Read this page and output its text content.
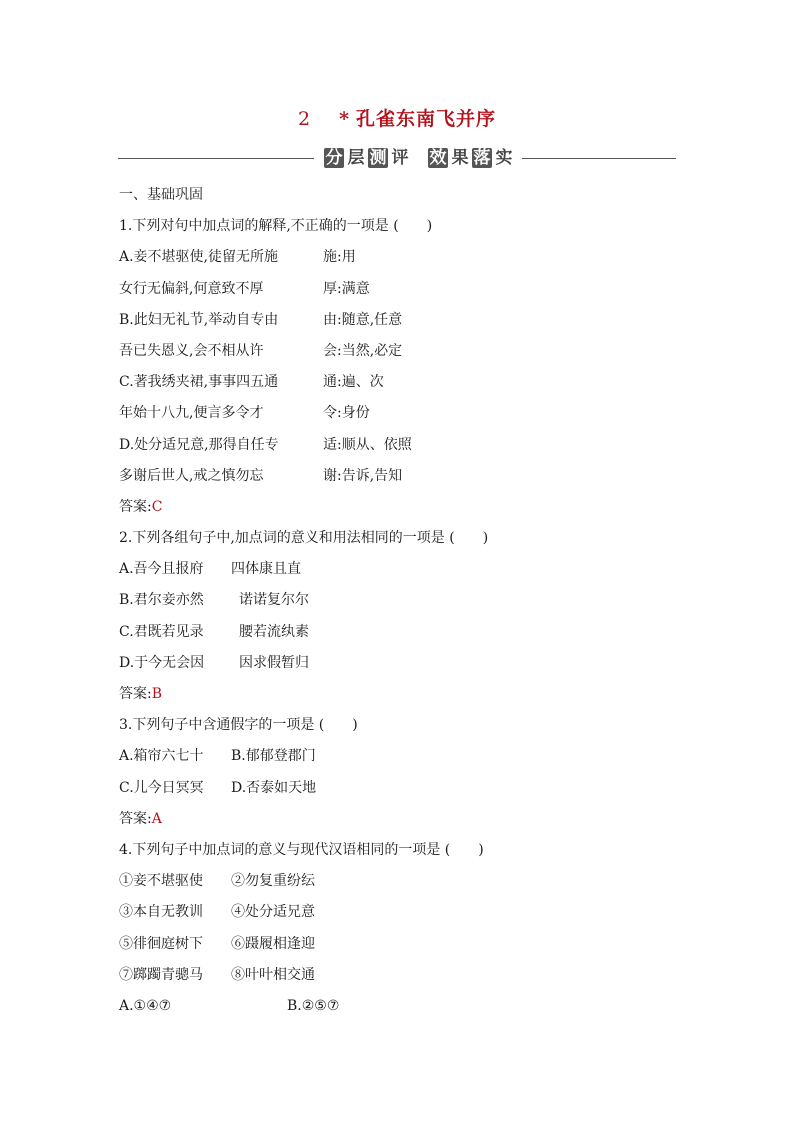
2 * 孔雀东南飞并序
分 层 测 评 效 果 落 实
一、基础巩固
1.下列对句中加点词的解释,不正确的一项是 (　　)
A.妾不堪驱使,徒留无所施	施:用
女行无偏斜,何意致不厚	厚:满意
B.此妇无礼节,举动自专由	由:随意,任意
吾已失恩义,会不相从许	会:当然,必定
C.著我绣夹裙,事事四五通	通:遍、次
年始十八九,便言多令才	令:身份
D.处分适兄意,那得自任专	适:顺从、依照
多谢后世人,戒之慎勿忘	谢:告诉,告知
答案:C
2.下列各组句子中,加点词的意义和用法相同的一项是 (　　)
A.吾今且报府 四体康且直
B.君尔妾亦然	诺诺复尔尔
C.君既若见录	腰若流纨素
D.于今无会因 因求假暂归
答案:B
3.下列句子中含通假字的一项是 (　　)
A.箱帘六七十 B.郁郁登郡门
C.儿今日冥冥 D.否泰如天地
答案:A
4.下列句子中加点词的意义与现代汉语相同的一项是 (　　)
①妾不堪驱使 ②勿复重纷纭
③本自无教训 ④处分适兄意
⑤徘徊庭树下 ⑥蹑履相逢迎
⑦踯躅青骢马 ⑧叶叶相交通
A.①④⑦	B.②⑤⑦
